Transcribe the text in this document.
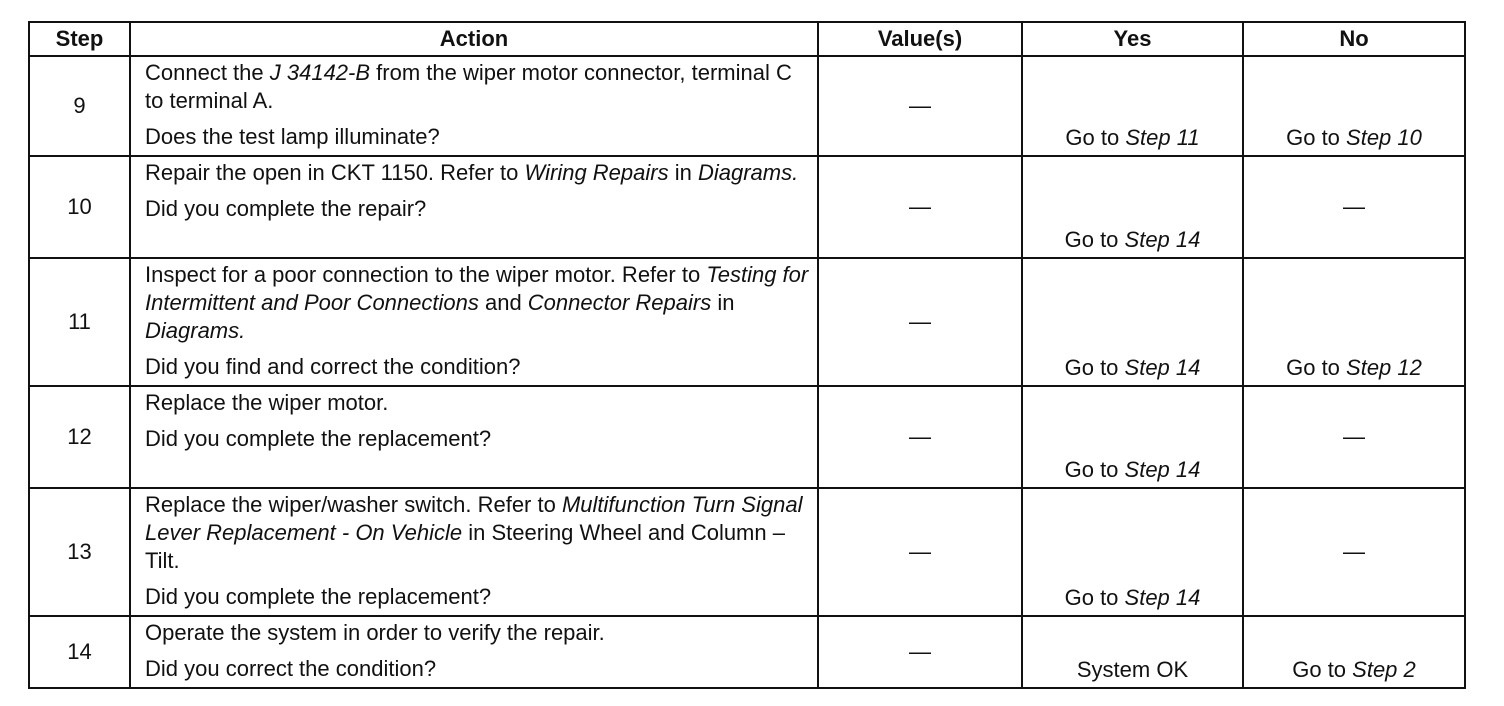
Step	Action	Value(s)	Yes	No
9	Connect the J 34142-B from the wiper motor connector, terminal C to terminal A.

Does the test lamp illuminate?	—	Go to Step 11	Go to Step 10
10	Repair the open in CKT 1150. Refer to Wiring Repairs in Diagrams.

Did you complete the repair?	—	Go to Step 14	—
11	Inspect for a poor connection to the wiper motor. Refer to Testing for Intermittent and Poor Connections and Connector Repairs in Diagrams.

Did you find and correct the condition?	—	Go to Step 14	Go to Step 12
12	Replace the wiper motor.

Did you complete the replacement?	—	Go to Step 14	—
13	Replace the wiper/washer switch. Refer to Multifunction Turn Signal Lever Replacement - On Vehicle in Steering Wheel and Column – Tilt.

Did you complete the replacement?	—	Go to Step 14	—
14	Operate the system in order to verify the repair.

Did you correct the condition?	—	System OK	Go to Step 2
